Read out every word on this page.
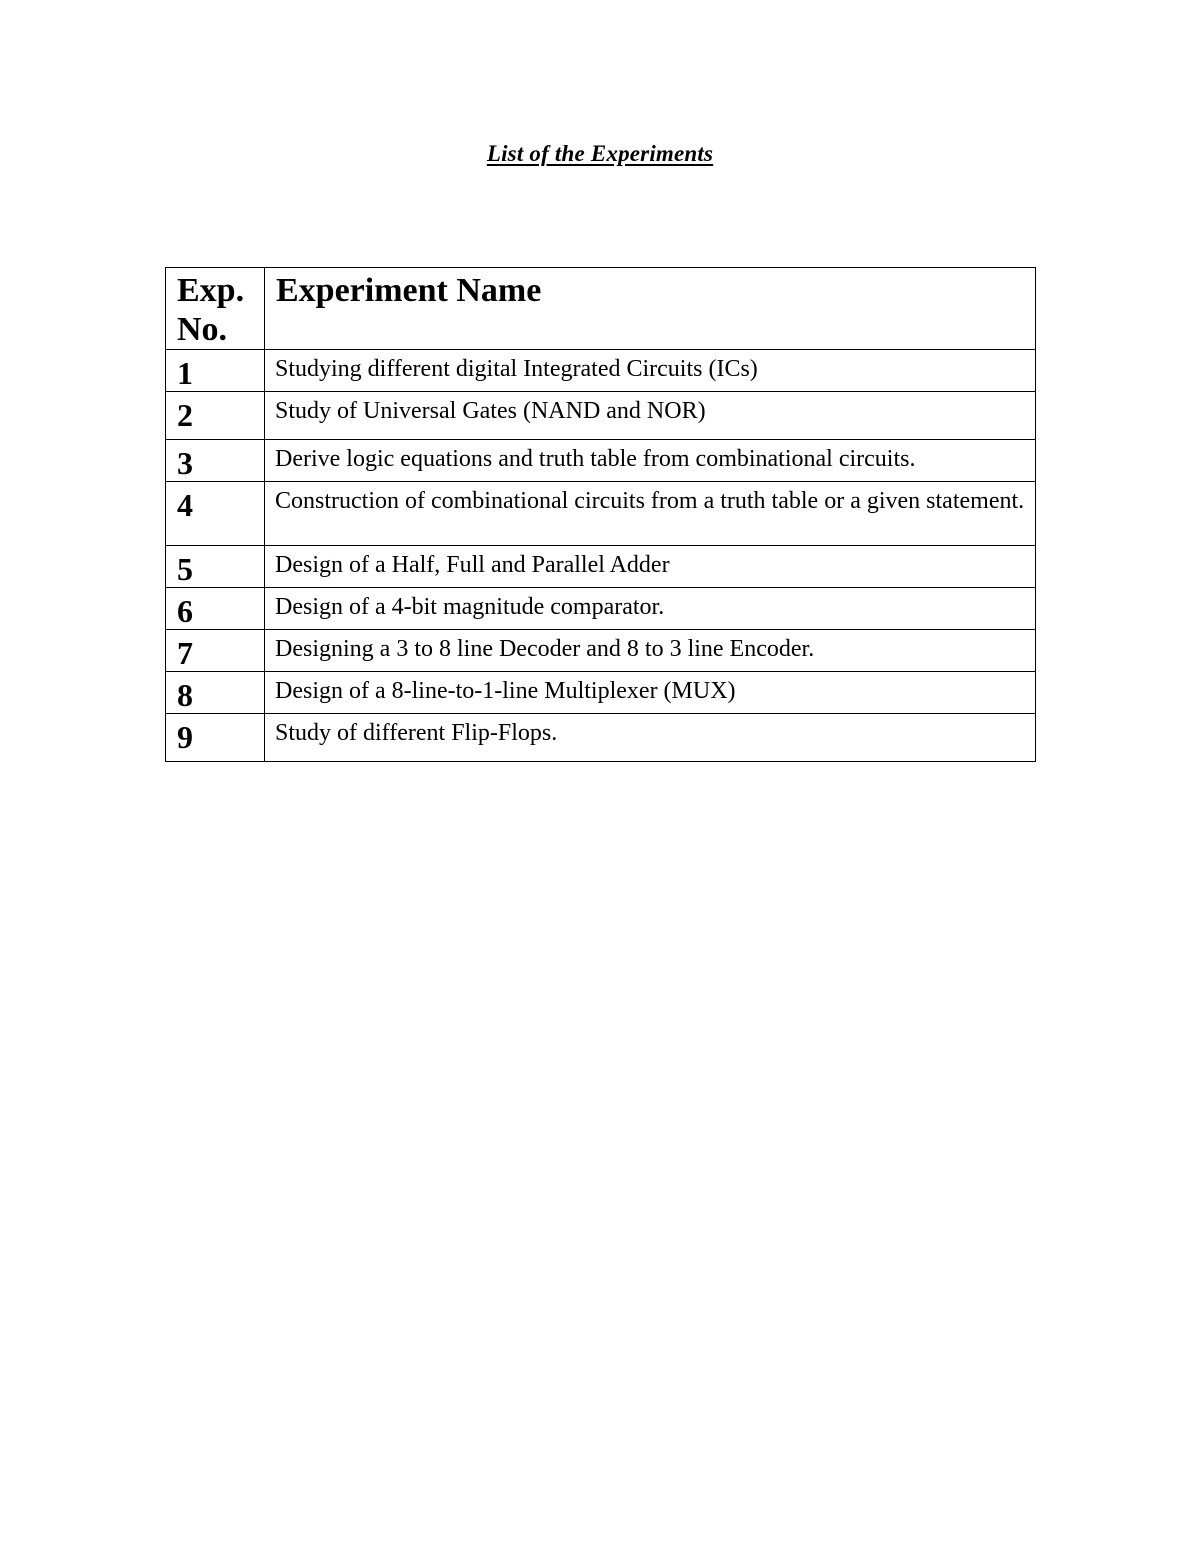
List of the Experiments
Exp. No.	Experiment Name
1	Studying different digital Integrated Circuits (ICs)
2	Study of Universal Gates (NAND and NOR)
3	Derive logic equations and truth table from combinational circuits.
4	Construction of combinational circuits from a truth table or a given statement.
5	Design of a Half, Full and Parallel Adder
6	Design of a 4-bit magnitude comparator.
7	Designing a 3 to 8 line Decoder and 8 to 3 line Encoder.
8	Design of a 8-line-to-1-line Multiplexer (MUX)
9	Study of different Flip-Flops.
